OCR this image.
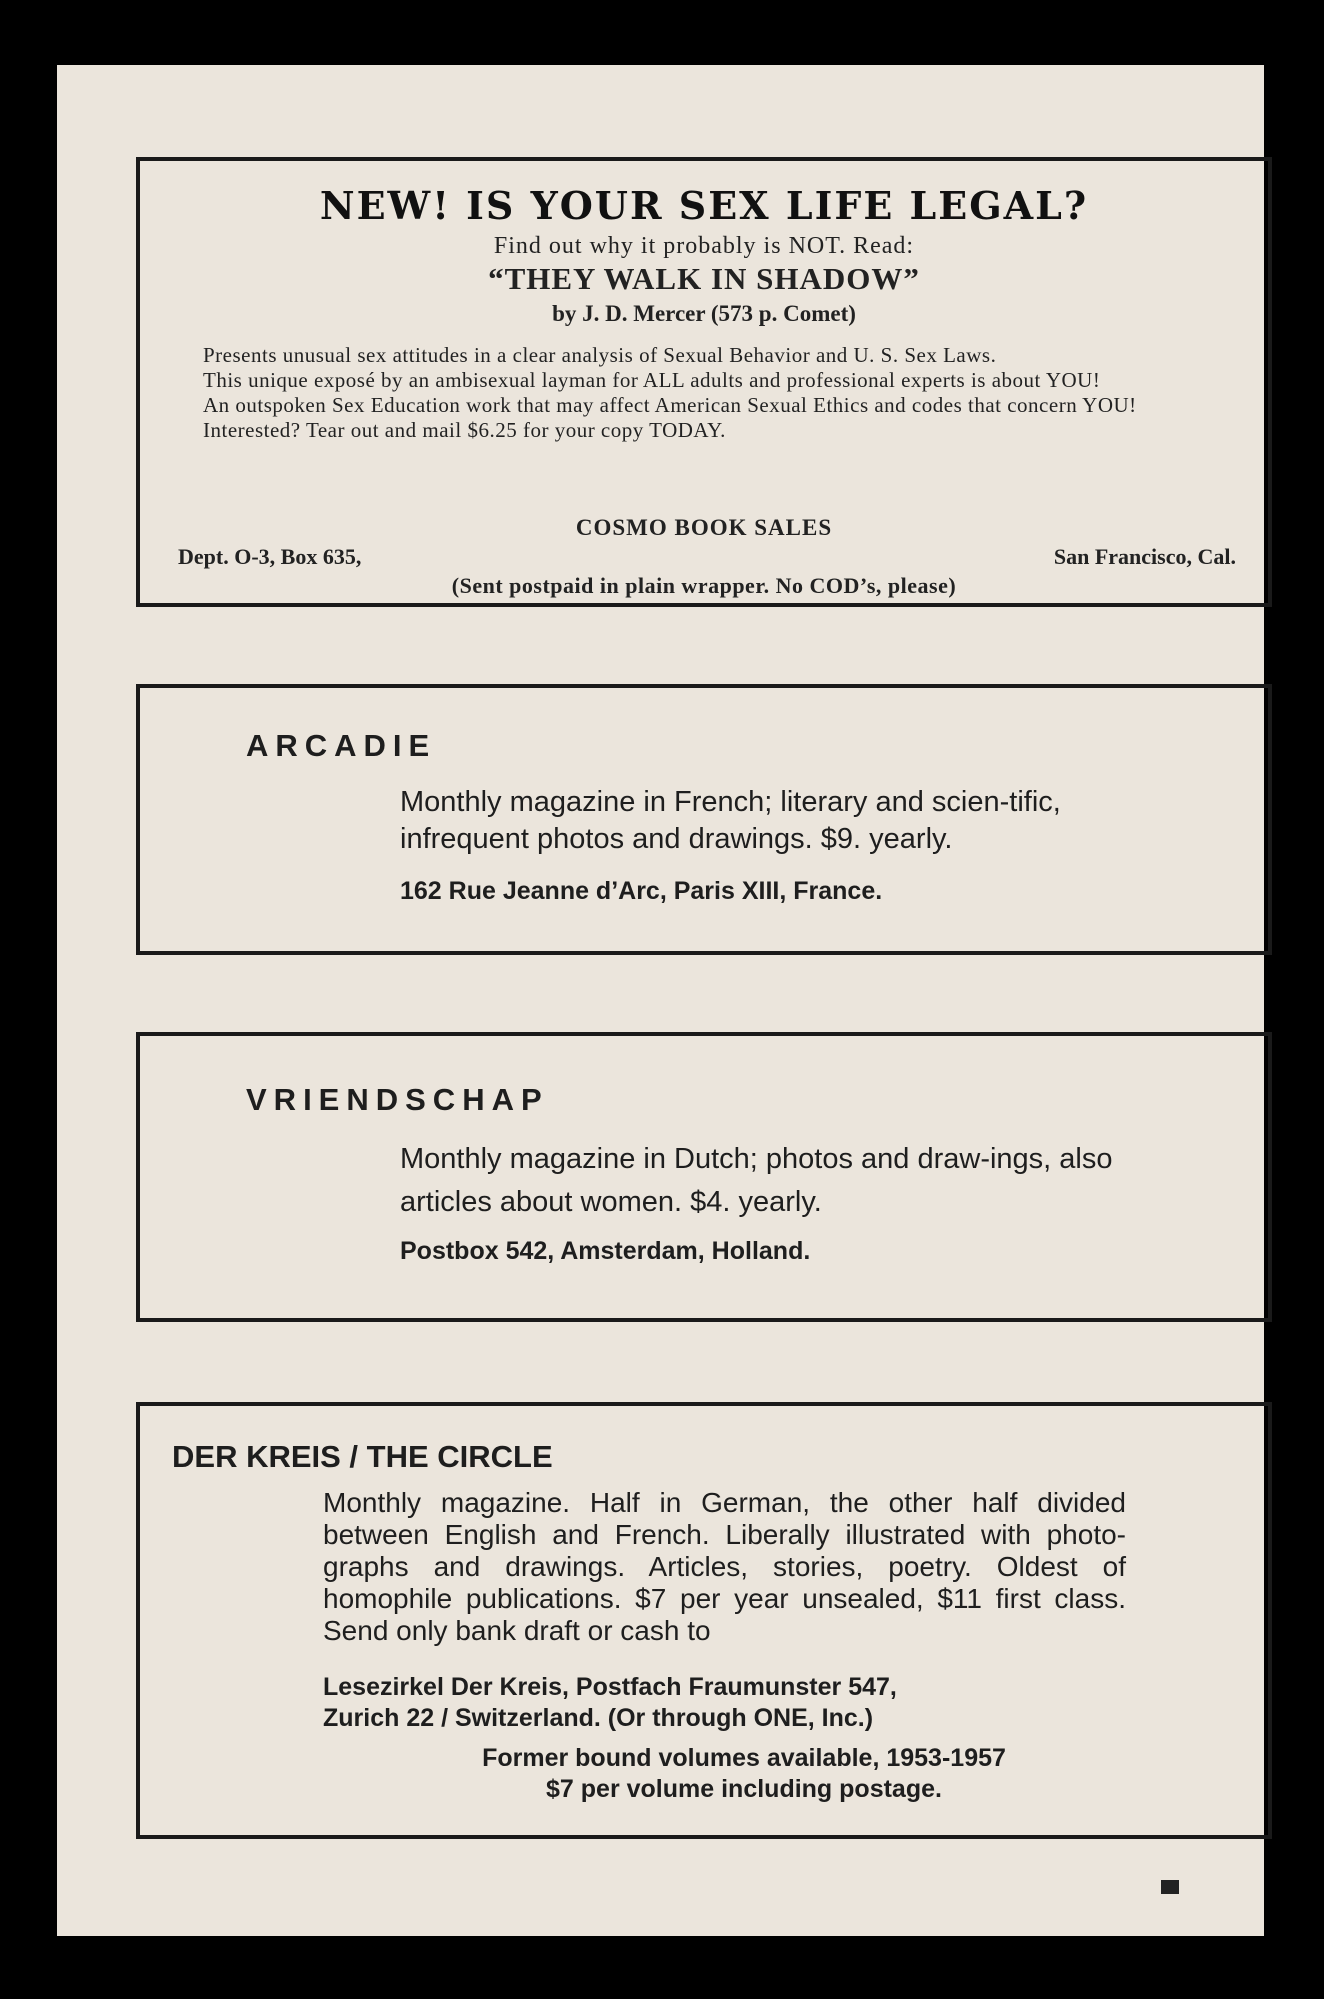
NEW! IS YOUR SEX LIFE LEGAL?
Find out why it probably is NOT. Read:
“THEY WALK IN SHADOW”
by J. D. Mercer (573 p. Comet)

Presents unusual sex attitudes in a clear analysis of Sexual Behavior and U. S. Sex Laws.

This unique exposé by an ambisexual layman for ALL adults and professional experts is about YOU!

An outspoken Sex Education work that may affect American Sexual Ethics and codes that concern YOU!

Interested? Tear out and mail $6.25 for your copy TODAY.

COSMO BOOK SALES
Dept. O-3, Box 635,	San Francisco, Cal.
(Sent postpaid in plain wrapper. No COD’s, please)
ARCADIE
Monthly magazine in French; literary and scien-tific, infrequent photos and drawings. $9. yearly.
162 Rue Jeanne d’Arc, Paris XIII, France.
VRIENDSCHAP
Monthly magazine in Dutch; photos and draw-ings, also articles about women. $4. yearly.
Postbox 542, Amsterdam, Holland.
DER KREIS / THE CIRCLE
Monthly magazine. Half in German, the other half divided between English and French. Liberally illustrated with photo-graphs and drawings. Articles, stories, poetry. Oldest of homophile publications. $7 per year unsealed, $11 first class. Send only bank draft or cash to
Lesezirkel Der Kreis, Postfach Fraumunster 547,
Zurich 22 / Switzerland. (Or through ONE, Inc.)
Former bound volumes available, 1953-1957
$7 per volume including postage.
